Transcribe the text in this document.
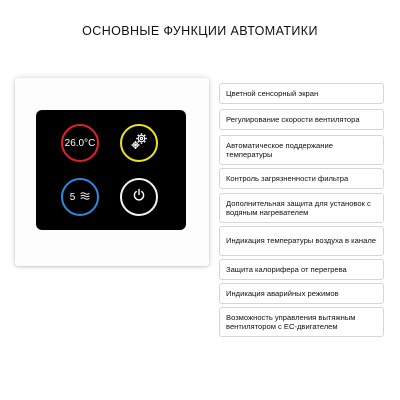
ОСНОВНЫЕ ФУНКЦИИ АВТОМАТИКИ
26.0°C
5
Цветной сенсорный экран
Регулирование скорости вентилятора
Автоматическое поддержание температуры
Контроль загрязненности фильтра
Дополнительная защита для установок с водяным нагревателем
Индикация температуры воздуха в канале
Защита калорифера от перегрева
Индикация аварийных режимов
Возможность управления вытяжным вентилятором с EC-двигателем
